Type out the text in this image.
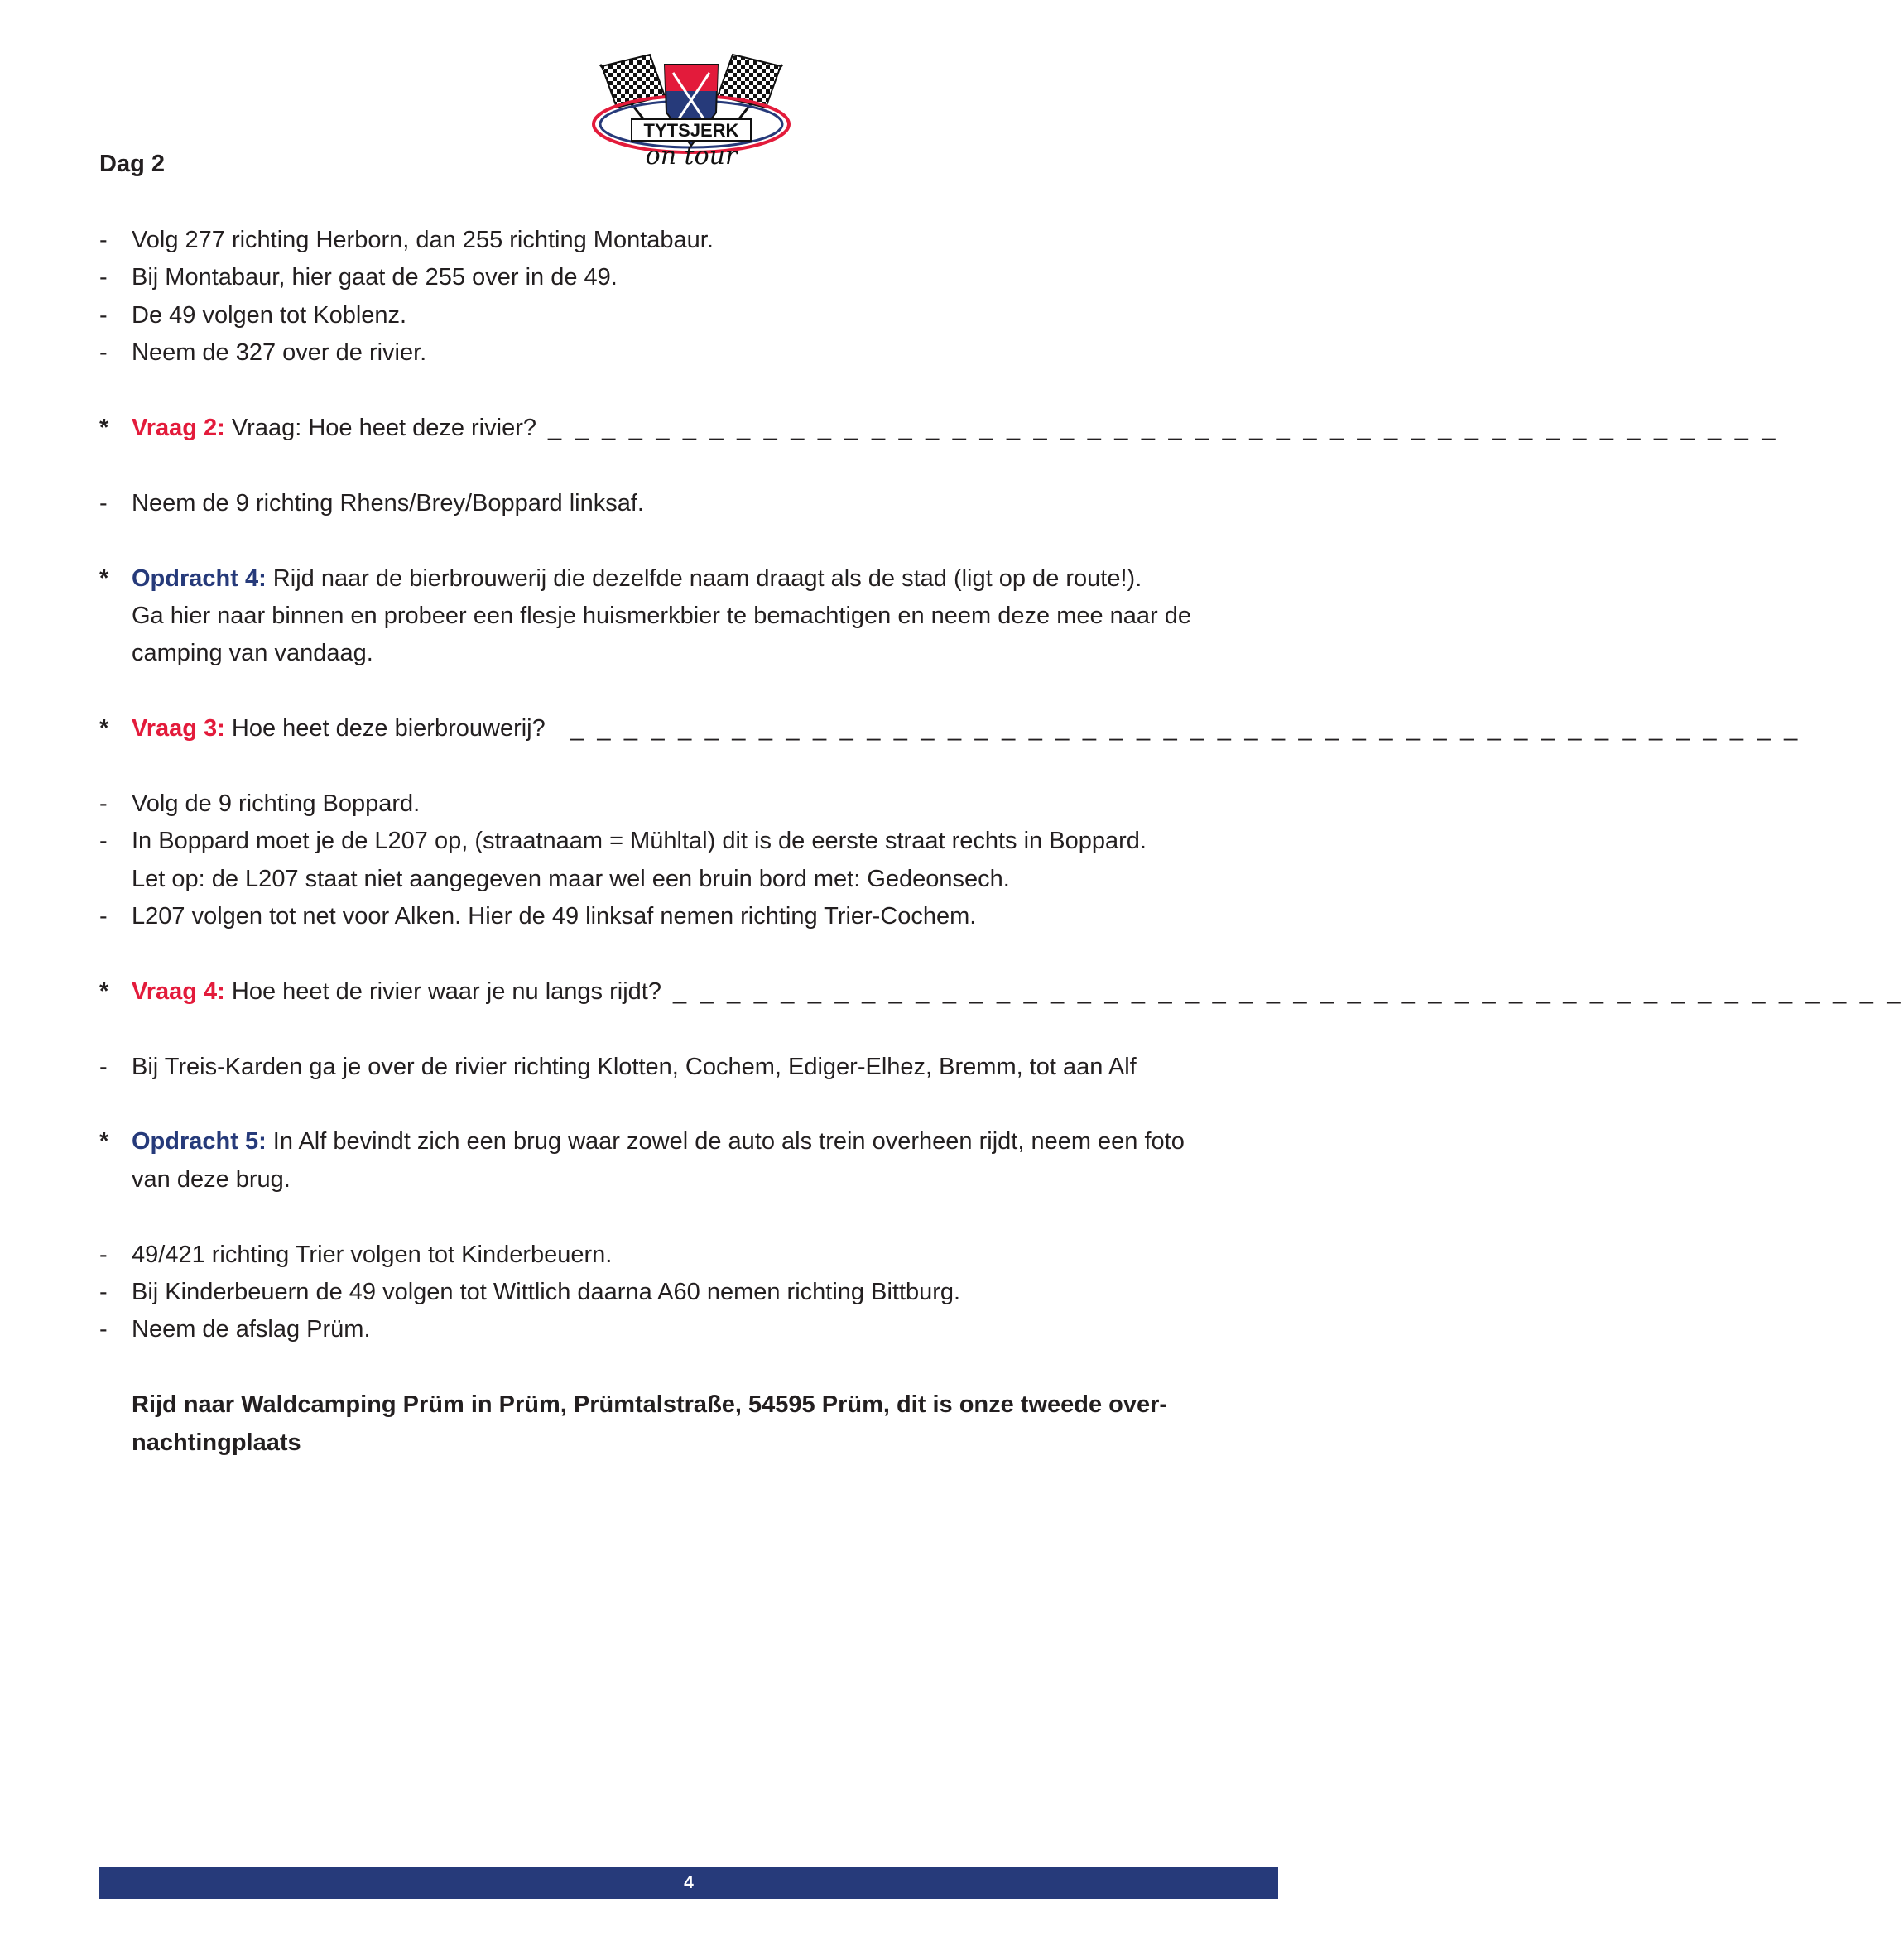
Dag 2
TYTSJERK
on tour
-	Volg 277 richting Herborn, dan 255 richting Montabaur.
-	Bij Montabaur, hier gaat de 255 over in de 49.
-	De 49 volgen tot Koblenz.
-	Neem de 327 over de rivier.
* Vraag 2: Vraag: Hoe heet deze rivier? _ _ _ _ _ _ _ _ _ _ _ _ _ _ _ _ _ _ _ _ _ _ _ _ _ _ _ _ _ _ _ _ _ _ _ _ _ _ _ _ _ _ _ _ _ _
-	Neem de 9 richting Rhens/Brey/Boppard linksaf.
* Opdracht 4: Rijd naar de bierbrouwerij die dezelfde naam draagt als de stad (ligt op de route!).
Ga hier naar binnen en probeer een flesje huismerkbier te bemachtigen en neem deze mee naar de
camping van vandaag.
* Vraag 3: Hoe heet deze bierbrouwerij? _ _ _ _ _ _ _ _ _ _ _ _ _ _ _ _ _ _ _ _ _ _ _ _ _ _ _ _ _ _ _ _ _ _ _ _ _ _ _ _ _ _ _ _ _ _
-	Volg de 9 richting Boppard.
-	In Boppard moet je de L207 op, (straatnaam = Mühltal) dit is de eerste straat rechts in Boppard.
Let op: de L207 staat niet aangegeven maar wel een bruin bord met: Gedeonsech.
-	L207 volgen tot net voor Alken. Hier de 49 linksaf nemen richting Trier-Cochem.
* Vraag 4: Hoe heet de rivier waar je nu langs rijdt? _ _ _ _ _ _ _ _ _ _ _ _ _ _ _ _ _ _ _ _ _ _ _ _ _ _ _ _ _ _ _ _ _ _ _ _ _ _ _ _ _ _ _ _ _ _
-	Bij Treis-Karden ga je over de rivier richting Klotten, Cochem, Ediger-Elhez, Bremm, tot aan Alf
* Opdracht 5: In Alf bevindt zich een brug waar zowel de auto als trein overheen rijdt, neem een foto
van deze brug.
-	49/421 richting Trier volgen tot Kinderbeuern.
-	Bij Kinderbeuern de 49 volgen tot Wittlich daarna A60 nemen richting Bittburg.
-	Neem de afslag Prüm.
Rijd naar Waldcamping Prüm in Prüm, Prümtalstraße, 54595 Prüm, dit is onze tweede over-
nachtingplaats
4
